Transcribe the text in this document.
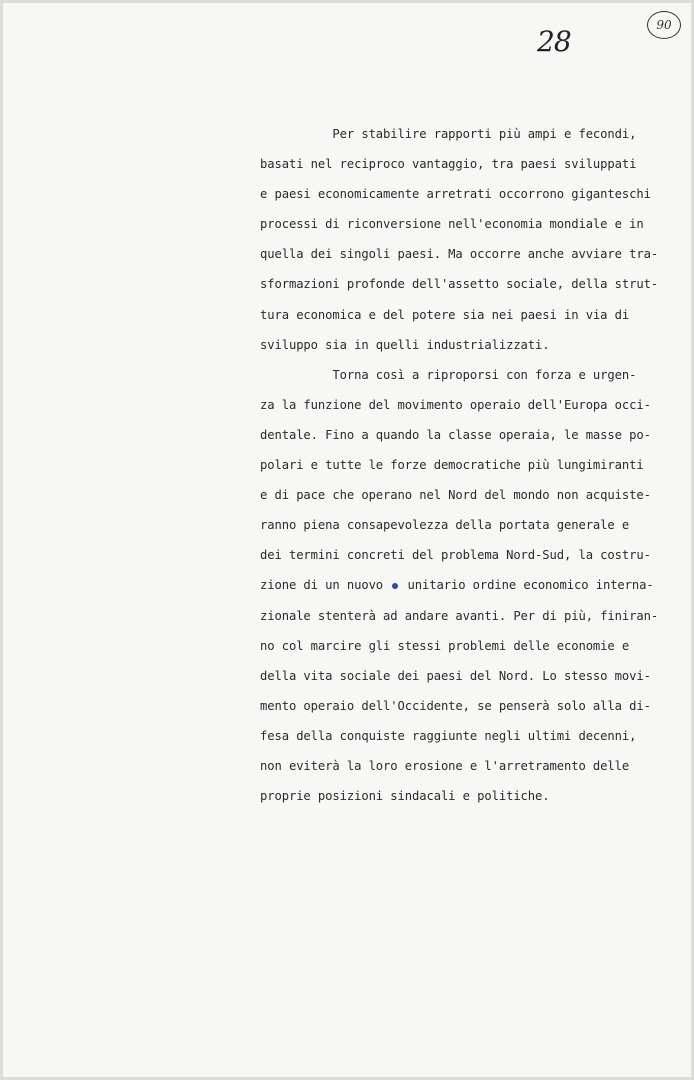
90
28
Per stabilire rapporti più ampi e fecondi,
basati nel reciproco vantaggio, tra paesi sviluppati
e paesi economicamente arretrati occorrono giganteschi
processi di riconversione nell'economia mondiale e in
quella dei singoli paesi. Ma occorre anche avviare tra-
sformazioni profonde dell'assetto sociale, della strut-
tura economica e del potere sia nei paesi in via di
sviluppo sia in quelli industrializzati.
Torna così a riproporsi con forza e urgen-
za la funzione del movimento operaio dell'Europa occi-
dentale. Fino a quando la classe operaia, le masse po-
polari e tutte le forze democratiche più lungimiranti
e di pace che operano nel Nord del mondo non acquiste-
ranno piena consapevolezza della portata generale e
dei termini concreti del problema Nord-Sud, la costru-
zione di un nuovo unitario ordine economico interna-
zionale stenterà ad andare avanti. Per di più, finiran-
no col marcire gli stessi problemi delle economie e
della vita sociale dei paesi del Nord. Lo stesso movi-
mento operaio dell'Occidente, se penserà solo alla di-
fesa della conquiste raggiunte negli ultimi decenni,
non eviterà la loro erosione e l'arretramento delle
proprie posizioni sindacali e politiche.
